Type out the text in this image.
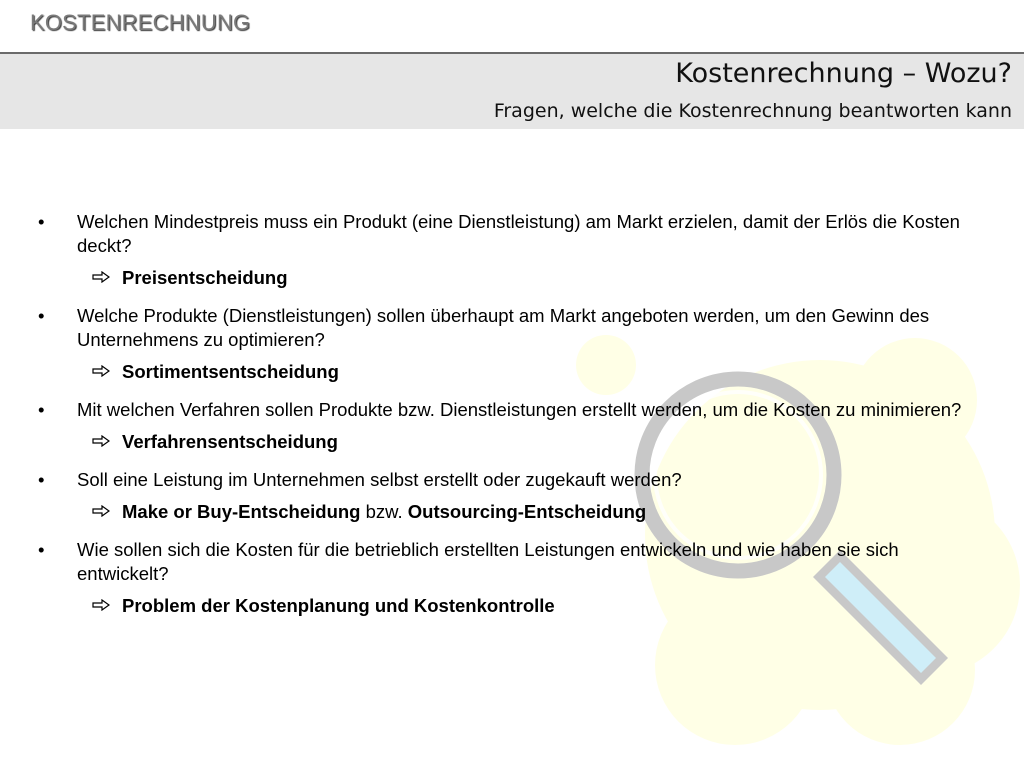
KOSTENRECHNUNG
Kostenrechnung – Wozu?
Fragen, welche die Kostenrechnung beantworten kann
• Welchen Mindestpreis muss ein Produkt (eine Dienstleistung) am Markt erzielen, damit der Erlös die Kosten deckt?
Preisentscheidung
• Welche Produkte (Dienstleistungen) sollen überhaupt am Markt angeboten werden, um den Gewinn des Unternehmens zu optimieren?
Sortimentsentscheidung
• Mit welchen Verfahren sollen Produkte bzw. Dienstleistungen erstellt werden, um die Kosten zu minimieren?
Verfahrensentscheidung
• Soll eine Leistung im Unternehmen selbst erstellt oder zugekauft werden?
Make or Buy-Entscheidung bzw. Outsourcing-Entscheidung
• Wie sollen sich die Kosten für die betrieblich erstellten Leistungen entwickeln und wie haben sie sich entwickelt?
Problem der Kostenplanung und Kostenkontrolle
